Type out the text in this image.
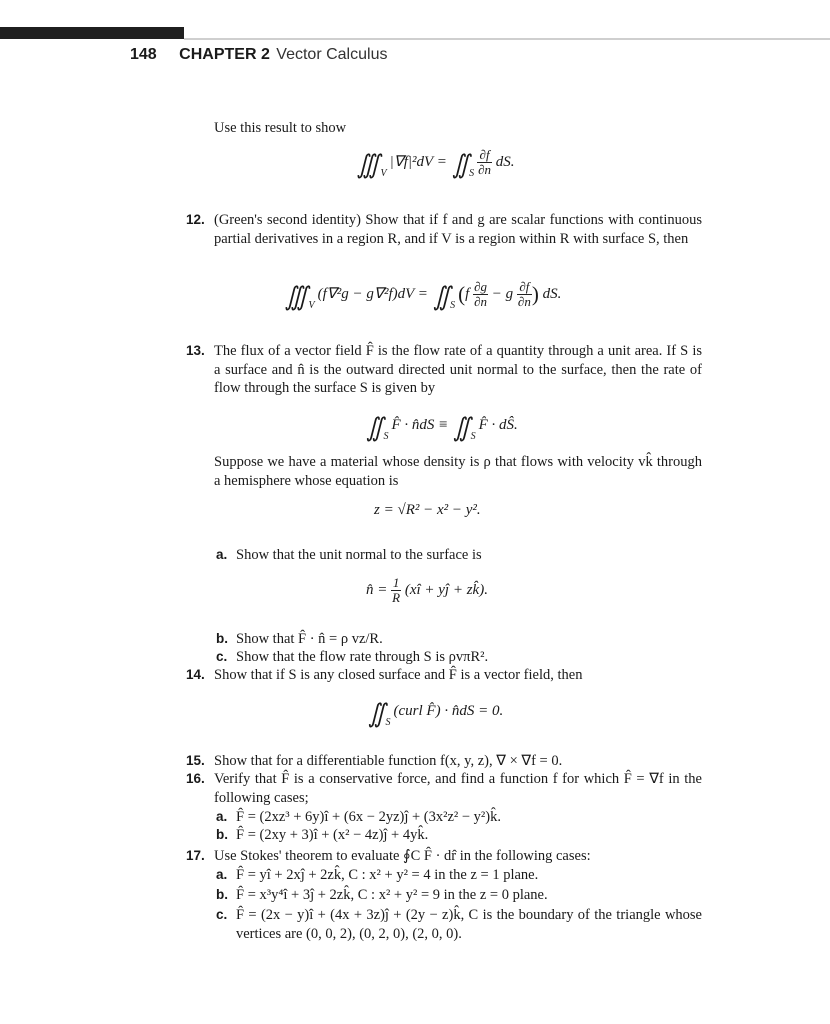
148 CHAPTER 2 Vector Calculus
Use this result to show
∭ $_V$|∇f|²dV = ∬ $_S \frac{\partial f}{\partial n}$ dS.
12. (Green's second identity) Show that if f and g are scalar functions with continuous partial derivatives in a region R, and if V is a region within R with surface S, then
∭ $_V$(f∇²g − g∇²f)dV = ∬ $_S$ ($f \frac{\partial g}{\partial n} - g \frac{\partial f}{\partial n}$ ) dS.
13. The flux of a vector field F̂ is the flow rate of a quantity through a unit area. If S is a surface and n̂ is the outward directed unit normal to the surface, then the rate of flow through the surface S is given by
∬ $_S$F̂ · n̂dS ≡ ∬ $_S$F̂ · dŜ.
Suppose we have a material whose density is ρ that flows with velocity vk̂ through a hemisphere whose equation is
z = √R² − x² − y².
a. Show that the unit normal to the surface is
n̂ = $\frac{1}{R}$ (xî + yĵ + zk̂).
b. Show that F̂ · n̂ = ρ vz/R.
c. Show that the flow rate through S is ρvπR².
14. Show that if S is any closed surface and F̂ is a vector field, then
∬ $_S$(curl F̂) · n̂dS = 0.
15. Show that for a differentiable function f(x, y, z), ∇ × ∇f = 0.
16. Verify that F̂ is a conservative force, and find a function f for which F̂ = ∇f in the following cases;
a. F̂ = (2xz³ + 6y)î + (6x − 2yz)ĵ + (3x²z² − y²)k̂.
b. F̂ = (2xy + 3)î + (x² − 4z)ĵ + 4yk̂.
17. Use Stokes' theorem to evaluate ∮C F̂ · dr̂ in the following cases:
a. F̂ = yî + 2xĵ + 2zk̂, C : x² + y² = 4 in the z = 1 plane.
b. F̂ = x³y⁴î + 3ĵ + 2zk̂, C : x² + y² = 9 in the z = 0 plane.
c. F̂ = (2x − y)î + (4x + 3z)ĵ + (2y − z)k̂, C is the boundary of the triangle whose vertices are (0, 0, 2), (0, 2, 0), (2, 0, 0).
